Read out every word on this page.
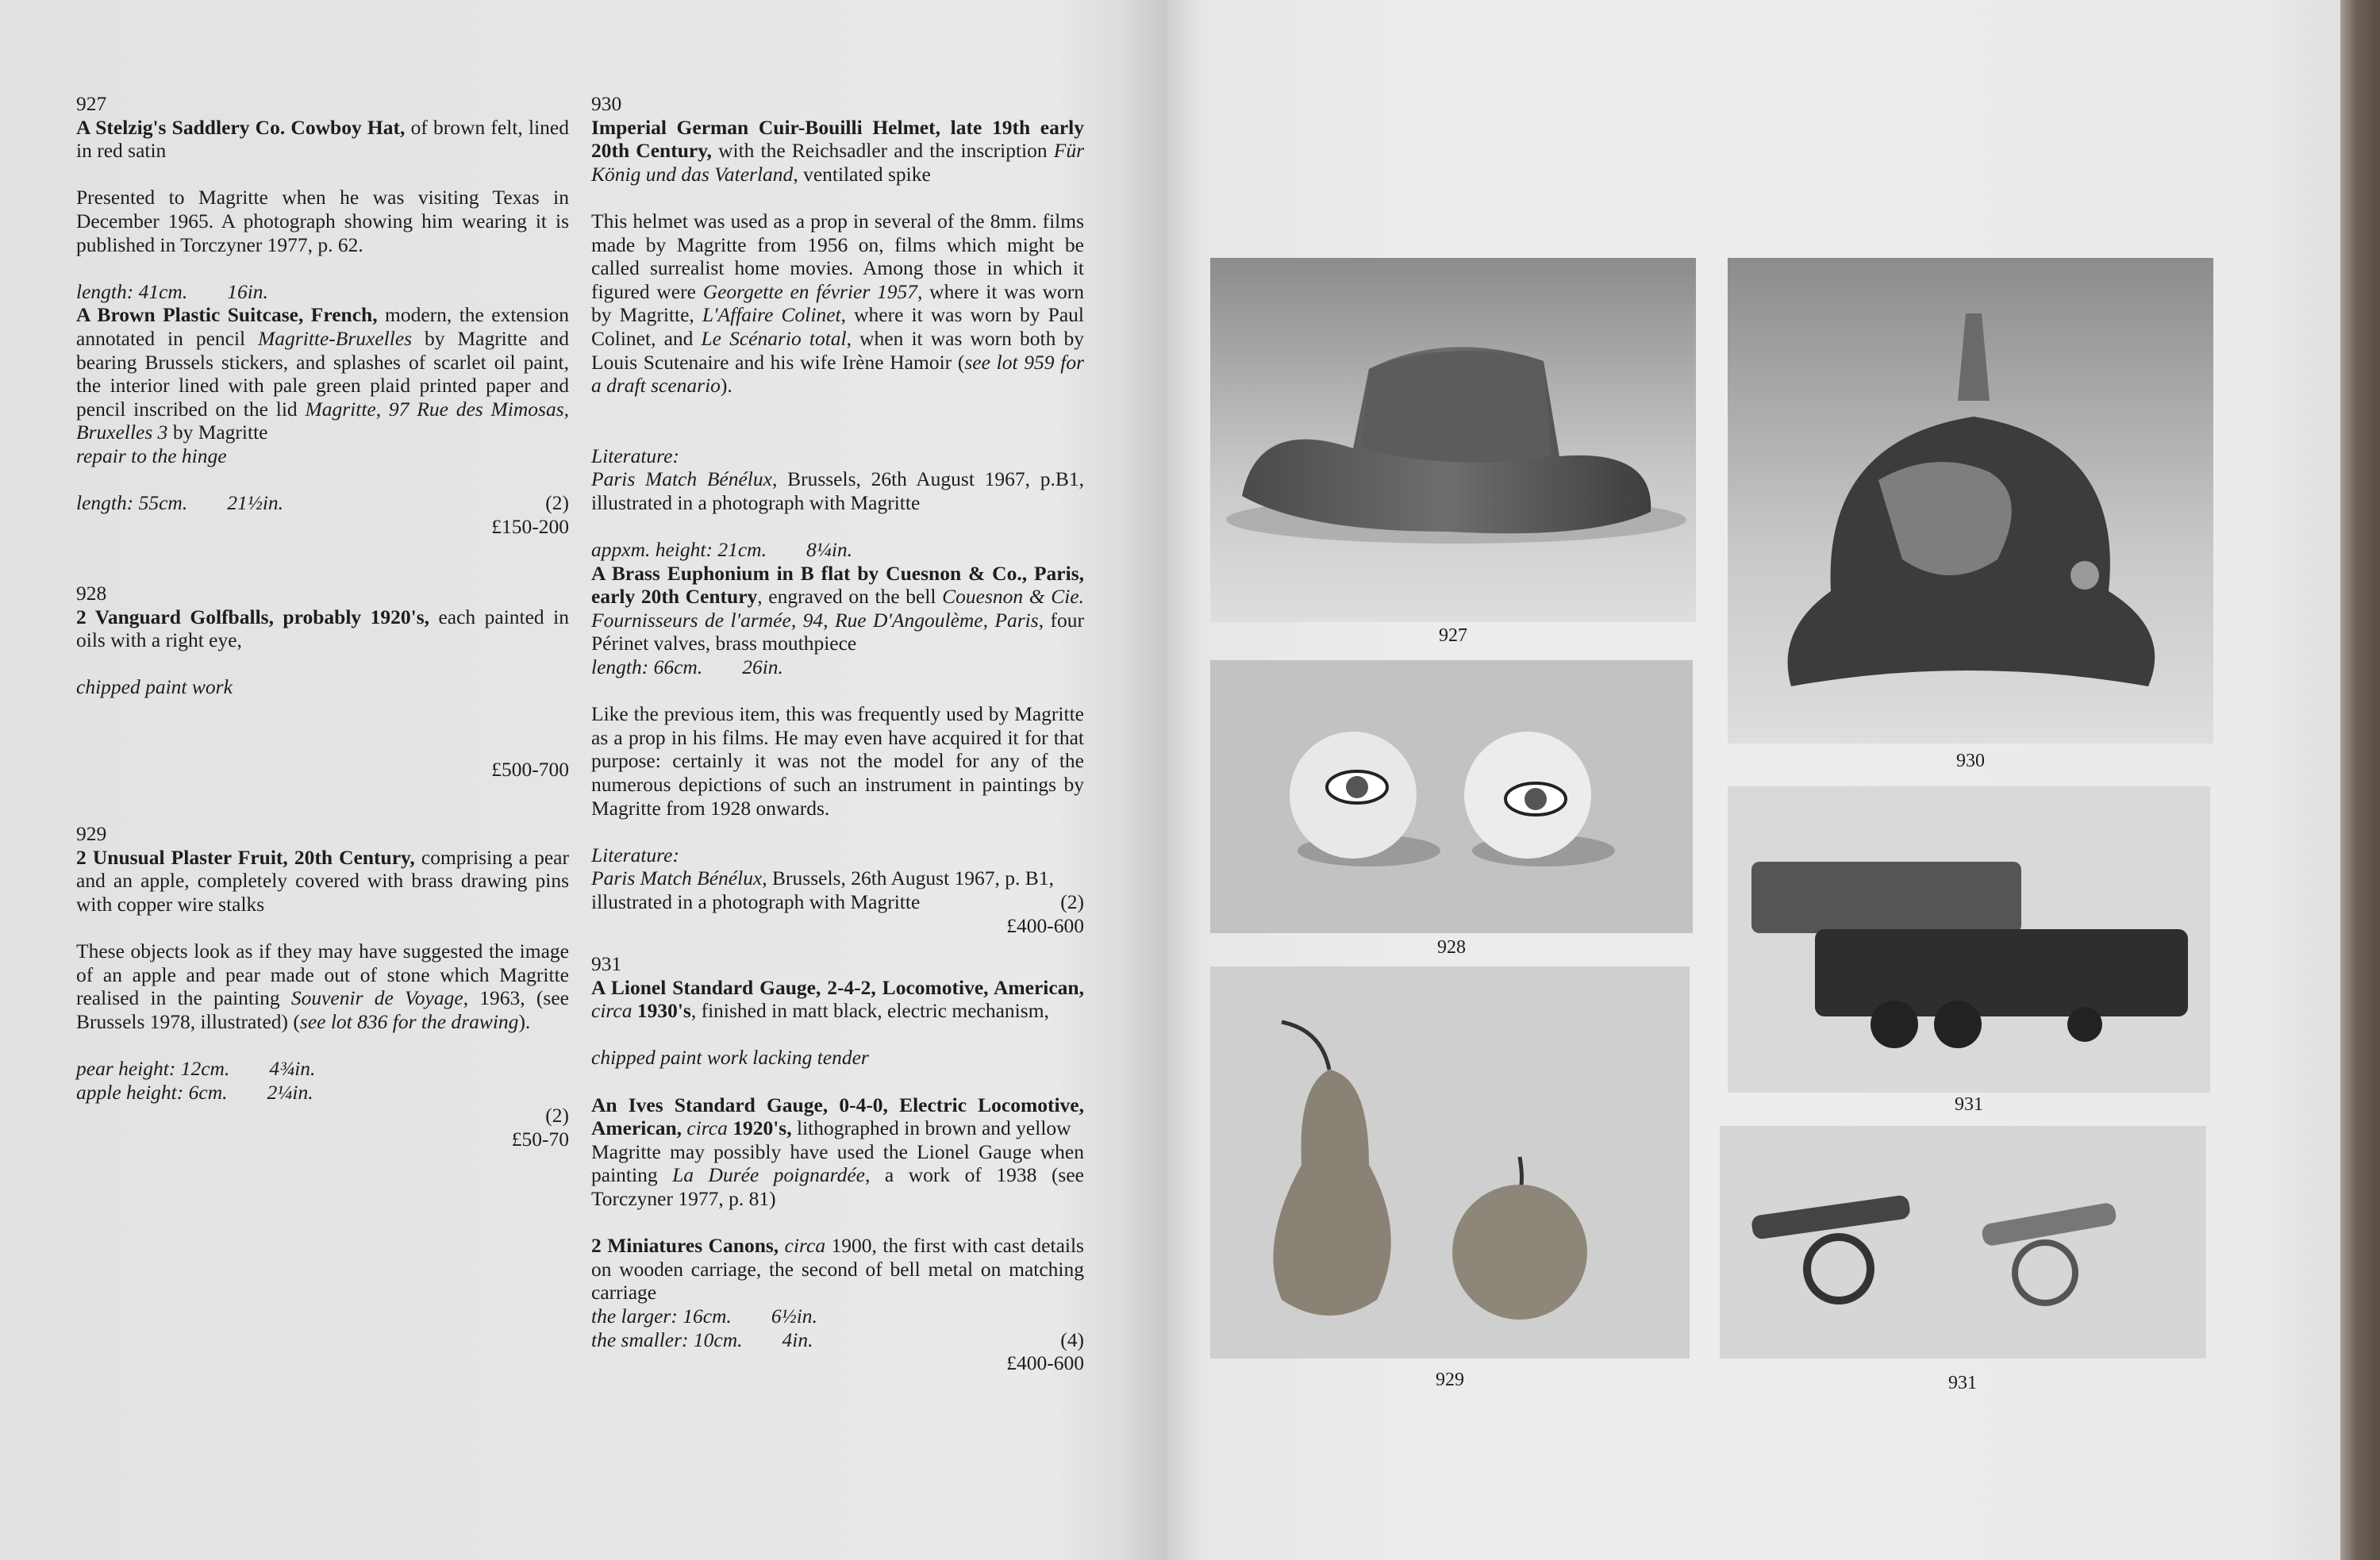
927

A Stelzig's Saddlery Co. Cowboy Hat, of brown felt, lined in red satin

Presented to Magritte when he was visiting Texas in December 1965. A photograph showing him wearing it is published in Torczyner 1977, p. 62.

length: 41cm. 16in.

A Brown Plastic Suitcase, French, modern, the extension annotated in pencil Magritte-Bruxelles by Magritte and bearing Brussels stickers, and splashes of scarlet oil paint, the interior lined with pale green plaid printed paper and pencil inscribed on the lid Magritte, 97 Rue des Mimosas, Bruxelles 3 by Magritte

repair to the hinge

length: 55cm. 21½in.	(2)

£150-200

928

2 Vanguard Golfballs, probably 1920's, each painted in oils with a right eye,

chipped paint work

£500-700

929

2 Unusual Plaster Fruit, 20th Century, comprising a pear and an apple, completely covered with brass drawing pins with copper wire stalks

These objects look as if they may have suggested the image of an apple and pear made out of stone which Magritte realised in the painting Souvenir de Voyage, 1963, (see Brussels 1978, illustrated) (see lot 836 for the drawing).

pear height: 12cm. 4¾in.

apple height: 6cm. 2¼in.

(2)

£50-70

930

Imperial German Cuir-Bouilli Helmet, late 19th early 20th Century, with the Reichsadler and the inscription Für König und das Vaterland, ventilated spike

This helmet was used as a prop in several of the 8mm. films made by Magritte from 1956 on, films which might be called surrealist home movies. Among those in which it figured were Georgette en février 1957, where it was worn by Magritte, L'Affaire Colinet, where it was worn by Paul Colinet, and Le Scénario total, when it was worn both by Louis Scutenaire and his wife Irène Hamoir (see lot 959 for a draft scenario).

Literature:

Paris Match Bénélux, Brussels, 26th August 1967, p.B1, illustrated in a photograph with Magritte

appxm. height: 21cm. 8¼in.

A Brass Euphonium in B flat by Cuesnon & Co., Paris, early 20th Century, engraved on the bell Couesnon & Cie. Fournisseurs de l'armée, 94, Rue D'Angoulème, Paris, four Périnet valves, brass mouthpiece

length: 66cm. 26in.

Like the previous item, this was frequently used by Magritte as a prop in his films. He may even have acquired it for that purpose: certainly it was not the model for any of the numerous depictions of such an instrument in paintings by Magritte from 1928 onwards.

Literature:

Paris Match Bénélux, Brussels, 26th August 1967, p. B1, illustrated in a photograph with Magritte	(2)

£400-600

931

A Lionel Standard Gauge, 2-4-2, Locomotive, American, circa 1930's, finished in matt black, electric mechanism,

chipped paint work lacking tender

An Ives Standard Gauge, 0-4-0, Electric Locomotive, American, circa 1920's, lithographed in brown and yellow

Magritte may possibly have used the Lionel Gauge when painting La Durée poignardée, a work of 1938 (see Torczyner 1977, p. 81)

2 Miniatures Canons, circa 1900, the first with cast details on wooden carriage, the second of bell metal on matching carriage

the larger: 16cm. 6½in.

the smaller: 10cm. 4in.	(4)

£400-600

927
930
928
931
929	931
